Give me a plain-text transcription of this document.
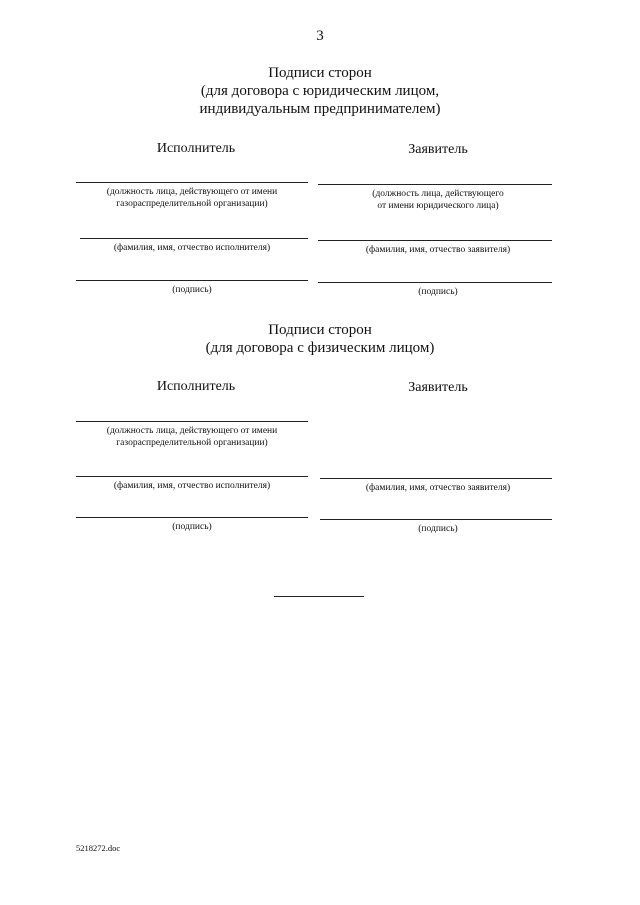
3
Подписи сторон
(для договора с юридическим лицом,
индивидуальным предпринимателем)
Исполнитель
(должность лица, действующего от имени
газораспределительной организации)
(фамилия, имя, отчество исполнителя)
(подпись)
Заявитель
(должность лица, действующего
от имени юридического лица)
(фамилия, имя, отчество заявителя)
(подпись)
Подписи сторон
(для договора с физическим лицом)
Исполнитель
(должность лица, действующего от имени
газораспределительной организации)
(фамилия, имя, отчество исполнителя)
(подпись)
Заявитель
(фамилия, имя, отчество заявителя)
(подпись)
5218272.doc
